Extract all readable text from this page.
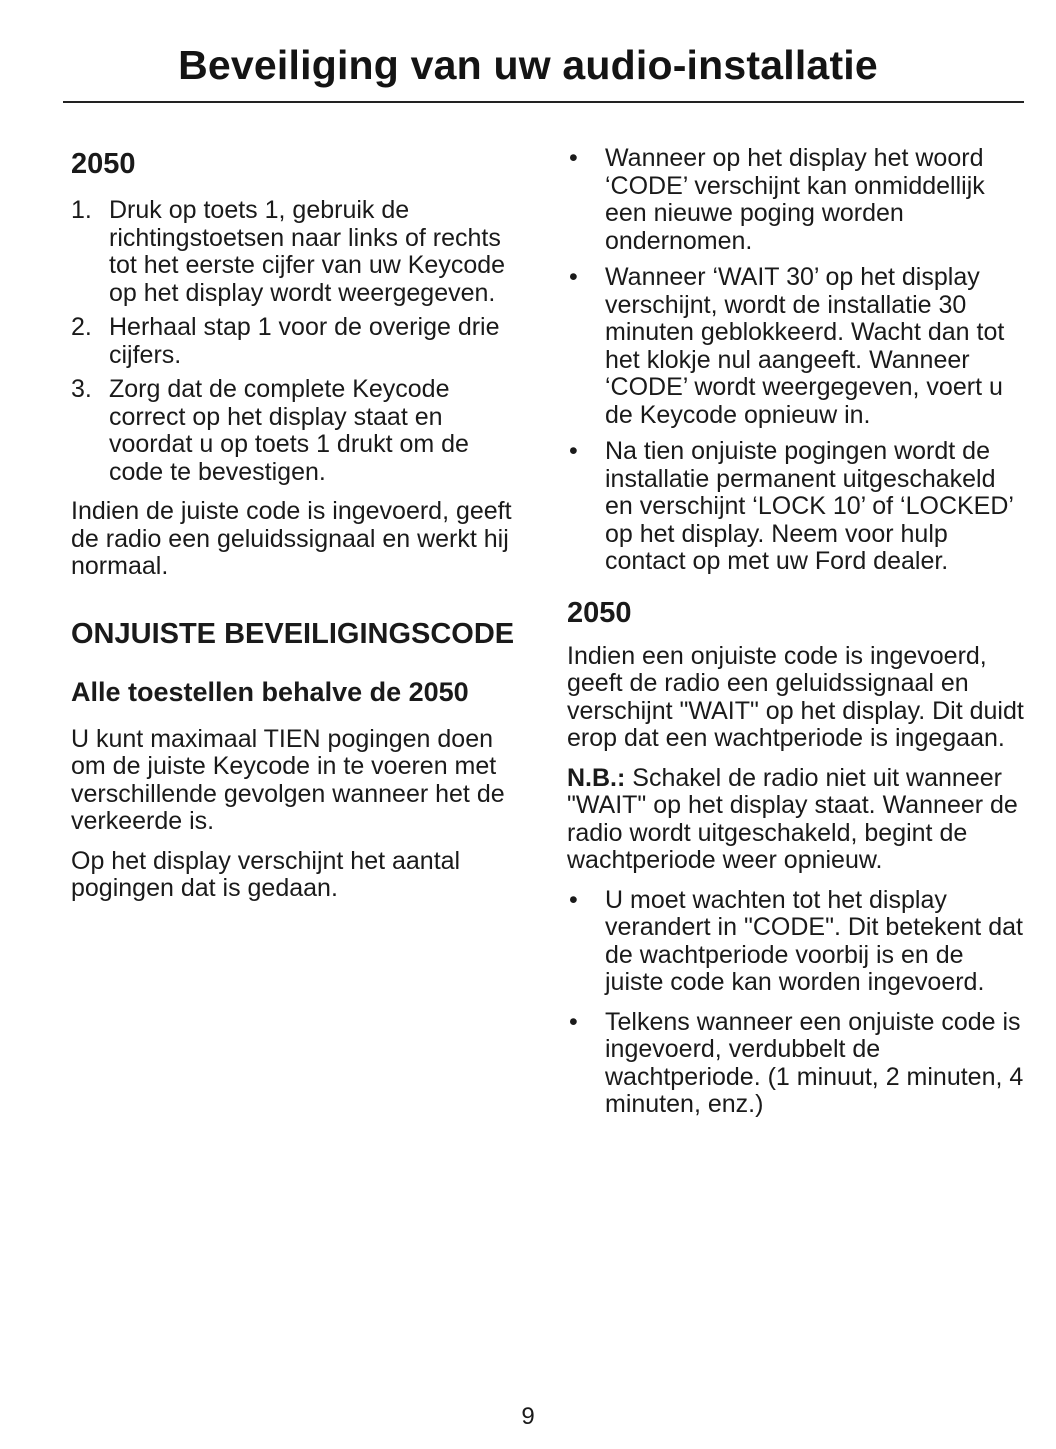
Beveiliging van uw audio-installatie
2050
1. Druk op toets 1, gebruik de richtingstoetsen naar links of rechts tot het eerste cijfer van uw Keycode op het display wordt weergegeven.
2. Herhaal stap 1 voor de overige drie cijfers.
3. Zorg dat de complete Keycode correct op het display staat en voordat u op toets 1 drukt om de code te bevestigen.

Indien de juiste code is ingevoerd, geeft de radio een geluidssignaal en werkt hij normaal.

ONJUISTE BEVEILIGINGSCODE
Alle toestellen behalve de 2050

U kunt maximaal TIEN pogingen doen om de juiste Keycode in te voeren met verschillende gevolgen wanneer het de verkeerde is.

Op het display verschijnt het aantal pogingen dat is gedaan.

• Wanneer op het display het woord ‘CODE’ verschijnt kan onmiddellijk een nieuwe poging worden ondernomen.
• Wanneer ‘WAIT 30’ op het display verschijnt, wordt de installatie 30 minuten geblokkeerd. Wacht dan tot het klokje nul aangeeft. Wanneer ‘CODE’ wordt weergegeven, voert u de Keycode opnieuw in.
• Na tien onjuiste pogingen wordt de installatie permanent uitgeschakeld en verschijnt ‘LOCK 10’ of ‘LOCKED’ op het display. Neem voor hulp contact op met uw Ford dealer.
2050

Indien een onjuiste code is ingevoerd, geeft de radio een geluidssignaal en verschijnt "WAIT" op het display. Dit duidt erop dat een wachtperiode is ingegaan.

N.B.: Schakel de radio niet uit wanneer "WAIT" op het display staat. Wanneer de radio wordt uitgeschakeld, begint de wachtperiode weer opnieuw.

• U moet wachten tot het display verandert in "CODE". Dit betekent dat de wachtperiode voorbij is en de juiste code kan worden ingevoerd.
• Telkens wanneer een onjuiste code is ingevoerd, verdubbelt de wachtperiode. (1 minuut, 2 minuten, 4 minuten, enz.)
9
